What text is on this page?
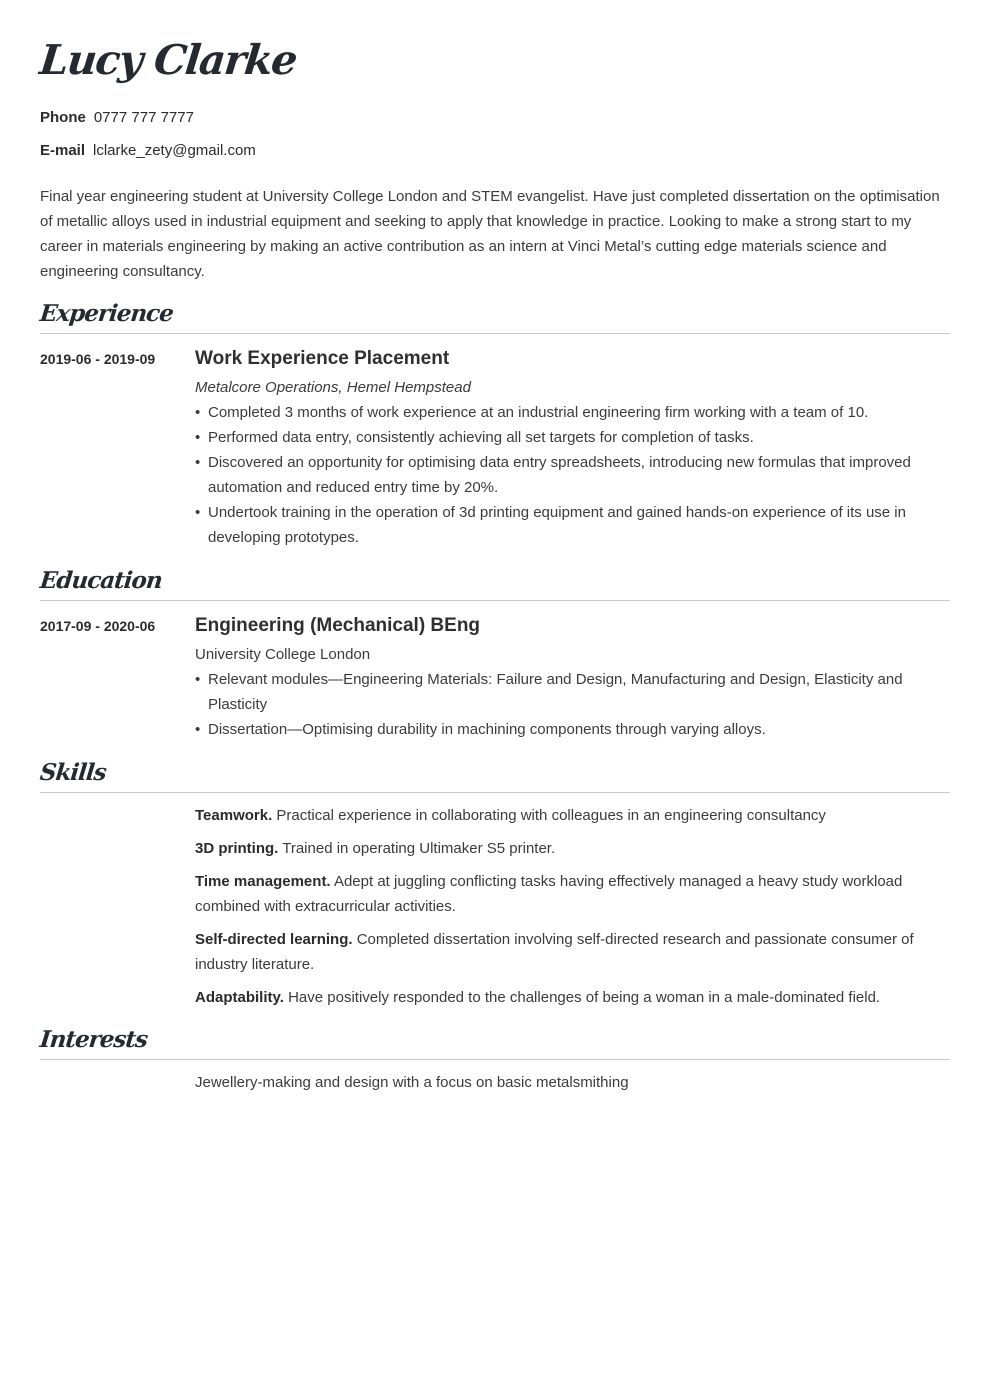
Lucy Clarke
Phone 0777 777 7777
E-mail lclarke_zety@gmail.com

Final year engineering student at University College London and STEM evangelist. Have just completed dissertation on the optimisation of metallic alloys used in industrial equipment and seeking to apply that knowledge in practice. Looking to make a strong start to my career in materials engineering by making an active contribution as an intern at Vinci Metal’s cutting edge materials science and engineering consultancy.

Experience
2019-06 - 2019-09 Work Experience Placement
Metalcore Operations, Hemel Hempstead
• Completed 3 months of work experience at an industrial engineering firm working with a team of 10.
• Performed data entry, consistently achieving all set targets for completion of tasks.
• Discovered an opportunity for optimising data entry spreadsheets, introducing new formulas that improved automation and reduced entry time by 20%.
• Undertook training in the operation of 3d printing equipment and gained hands-on experience of its use in developing prototypes.
Education
2017-09 - 2020-06 Engineering (Mechanical) BEng
University College London
• Relevant modules—Engineering Materials: Failure and Design, Manufacturing and Design, Elasticity and Plasticity
• Dissertation—Optimising durability in machining components through varying alloys.
Skills

Teamwork. Practical experience in collaborating with colleagues in an engineering consultancy

3D printing. Trained in operating Ultimaker S5 printer.

Time management. Adept at juggling conflicting tasks having effectively managed a heavy study workload combined with extracurricular activities.

Self-directed learning. Completed dissertation involving self-directed research and passionate consumer of industry literature.

Adaptability. Have positively responded to the challenges of being a woman in a male-dominated field.

Interests
Jewellery-making and design with a focus on basic metalsmithing
